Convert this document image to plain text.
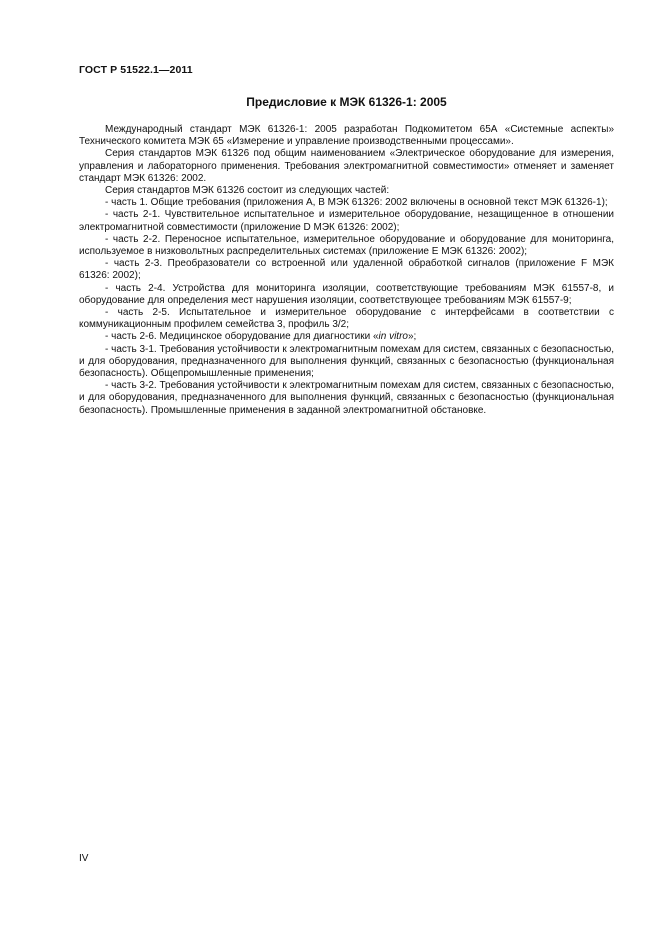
ГОСТ Р 51522.1—2011
Предисловие к МЭК 61326-1: 2005

Международный стандарт МЭК 61326-1: 2005 разработан Подкомитетом 65А «Системные аспекты» Технического комитета МЭК 65 «Измерение и управление производственными процессами».

Серия стандартов МЭК 61326 под общим наименованием «Электрическое оборудование для измерения, управления и лабораторного применения. Требования электромагнитной совместимости» отменяет и заменяет стандарт МЭК 61326: 2002.

Серия стандартов МЭК 61326 состоит из следующих частей:

- часть 1. Общие требования (приложения А, В МЭК 61326: 2002 включены в основной текст МЭК 61326-1);

- часть 2-1. Чувствительное испытательное и измерительное оборудование, незащищенное в отношении электромагнитной совместимости (приложение D МЭК 61326: 2002);

- часть 2-2. Переносное испытательное, измерительное оборудование и оборудование для мониторинга, используемое в низковольтных распределительных системах (приложение Е МЭК 61326: 2002);

- часть 2-3. Преобразователи со встроенной или удаленной обработкой сигналов (приложение F МЭК 61326: 2002);

- часть 2-4. Устройства для мониторинга изоляции, соответствующие требованиям МЭК 61557-8, и оборудование для определения мест нарушения изоляции, соответствующее требованиям МЭК 61557-9;

- часть 2-5. Испытательное и измерительное оборудование с интерфейсами в соответствии с коммуникационным профилем семейства 3, профиль 3/2;

- часть 2-6. Медицинское оборудование для диагностики «in vitro»;

- часть 3-1. Требования устойчивости к электромагнитным помехам для систем, связанных с безопасностью, и для оборудования, предназначенного для выполнения функций, связанных с безопасностью (функциональная безопасность). Общепромышленные применения;

- часть 3-2. Требования устойчивости к электромагнитным помехам для систем, связанных с безопасностью, и для оборудования, предназначенного для выполнения функций, связанных с безопасностью (функциональная безопасность). Промышленные применения в заданной электромагнитной обстановке.

IV
